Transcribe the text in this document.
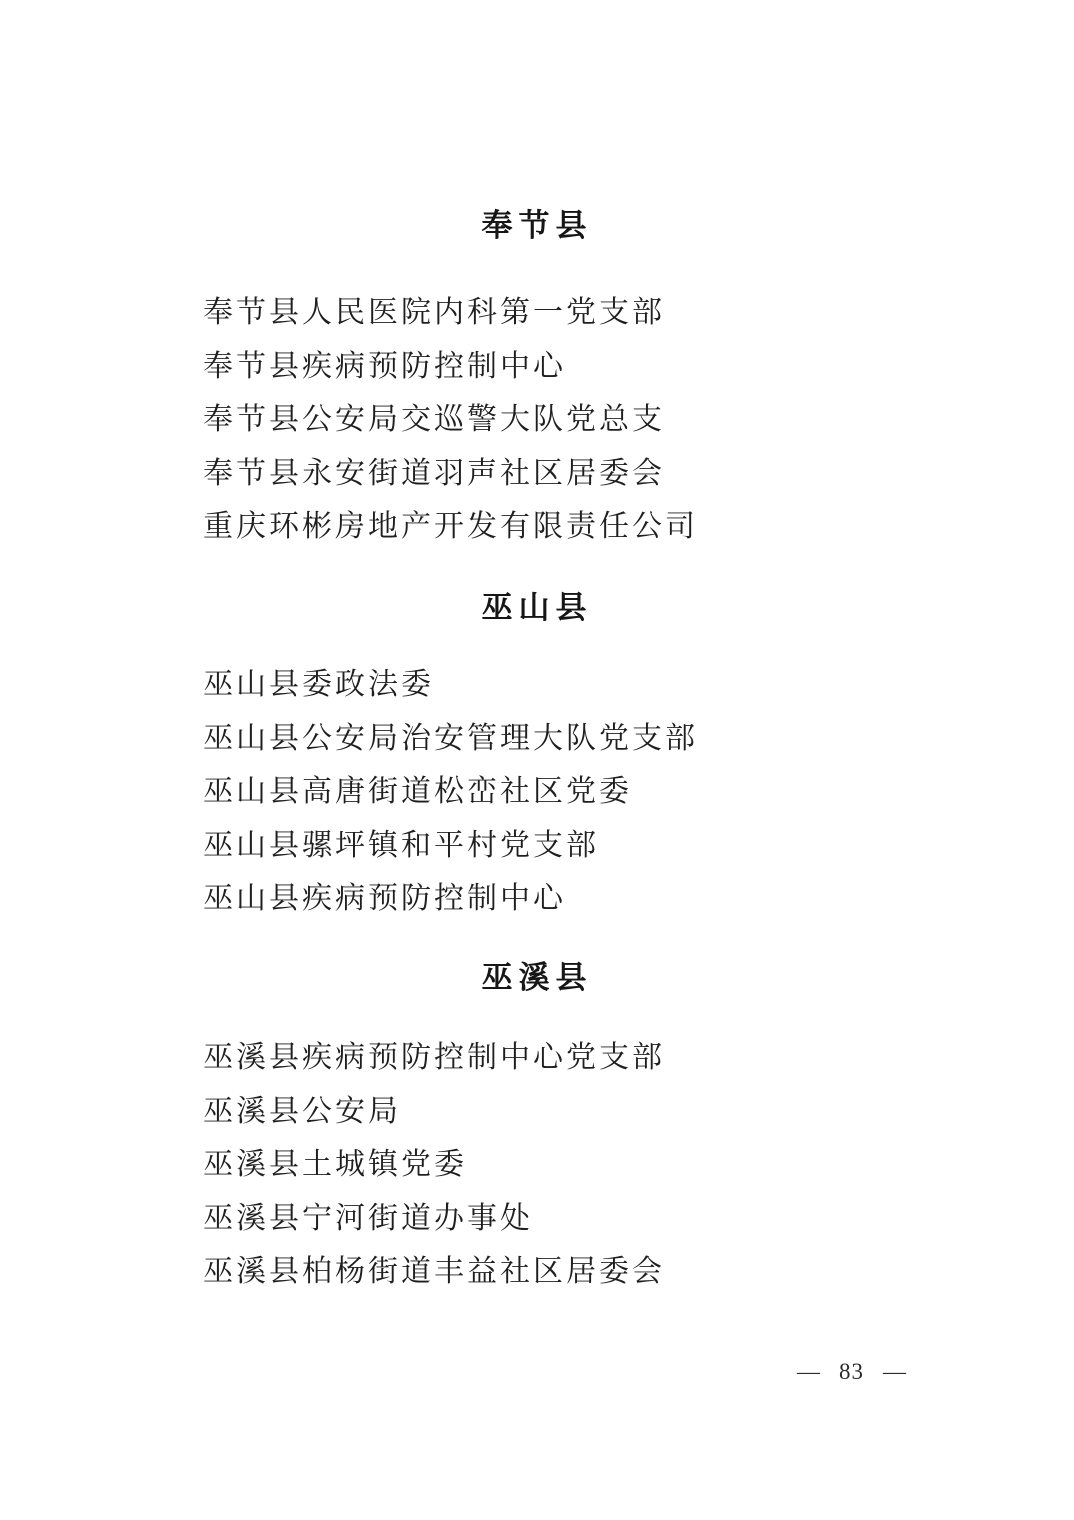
奉节县
奉节县人民医院内科第一党支部
奉节县疾病预防控制中心
奉节县公安局交巡警大队党总支
奉节县永安街道羽声社区居委会
重庆环彬房地产开发有限责任公司
巫山县
巫山县委政法委
巫山县公安局治安管理大队党支部
巫山县高唐街道松峦社区党委
巫山县骡坪镇和平村党支部
巫山县疾病预防控制中心
巫溪县
巫溪县疾病预防控制中心党支部
巫溪县公安局
巫溪县土城镇党委
巫溪县宁河街道办事处
巫溪县柏杨街道丰益社区居委会
— 83 —
